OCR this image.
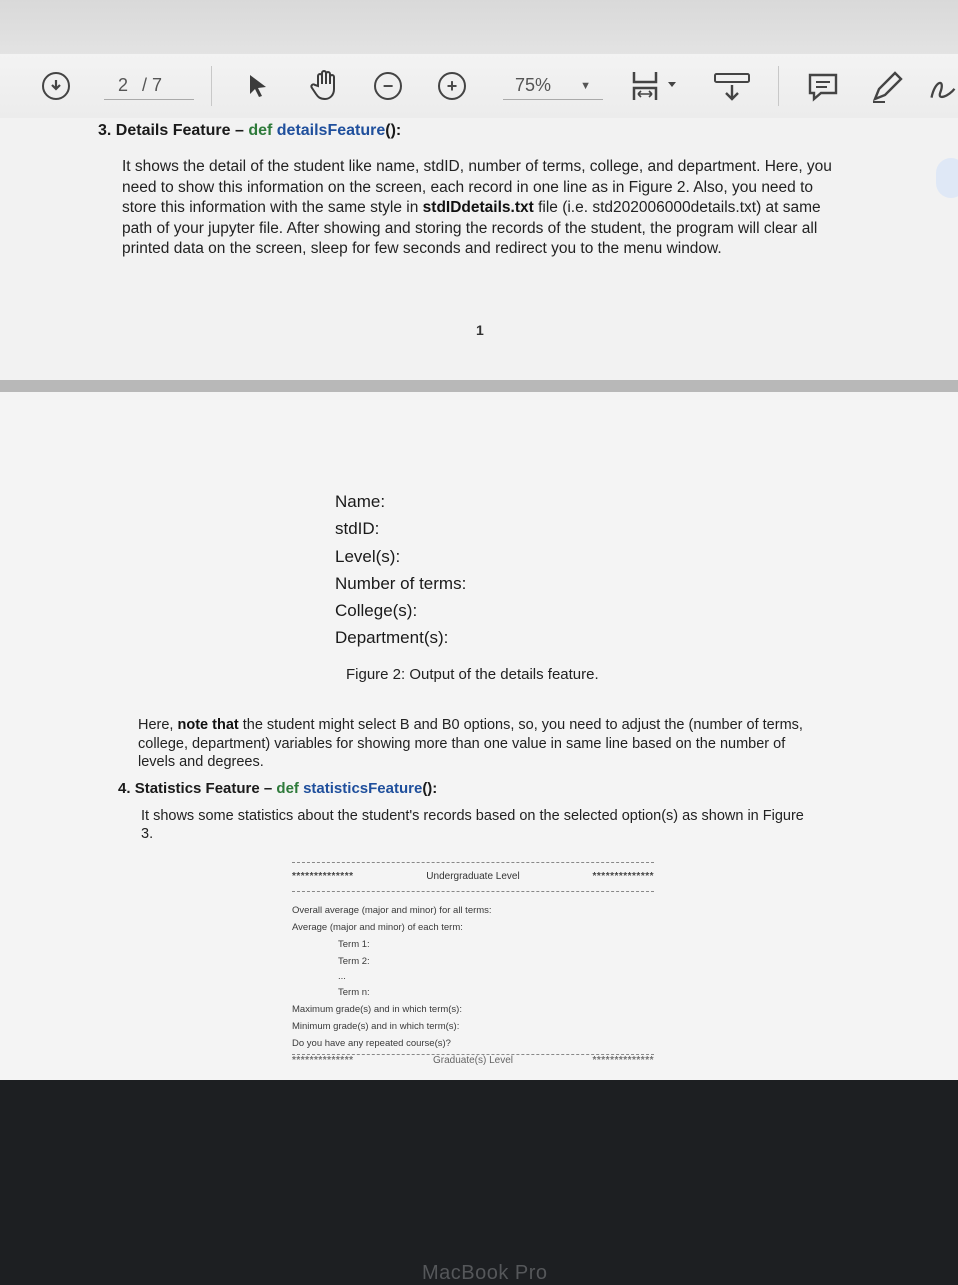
2 / 7	−	+	75%	▼
3. Details Feature – def detailsFeature():
It shows the detail of the student like name, stdID, number of terms, college, and department. Here, you
need to show this information on the screen, each record in one line as in Figure 2. Also, you need to
store this information with the same style in stdIDdetails.txt file (i.e. std202006000details.txt) at same
path of your jupyter file. After showing and storing the records of the student, the program will clear all
printed data on the screen, sleep for few seconds and redirect you to the menu window.
1
Name:
stdID:
Level(s):
Number of terms:
College(s):
Department(s):
Figure 2: Output of the details feature.
Here, note that the student might select B and B0 options, so, you need to adjust the (number of terms,
college, department) variables for showing more than one value in same line based on the number of
levels and degrees.
4. Statistics Feature – def statisticsFeature():
It shows some statistics about the student's records based on the selected option(s) as shown in Figure
3.
**************	Undergraduate Level	**************
Overall average (major and minor) for all terms:
Average (major and minor) of each term:
Term 1:
Term 2:
...
Term n:
Maximum grade(s) and in which term(s):
Minimum grade(s) and in which term(s):
Do you have any repeated course(s)?
**************	Graduate(s) Level	**************
MacBook Pro
